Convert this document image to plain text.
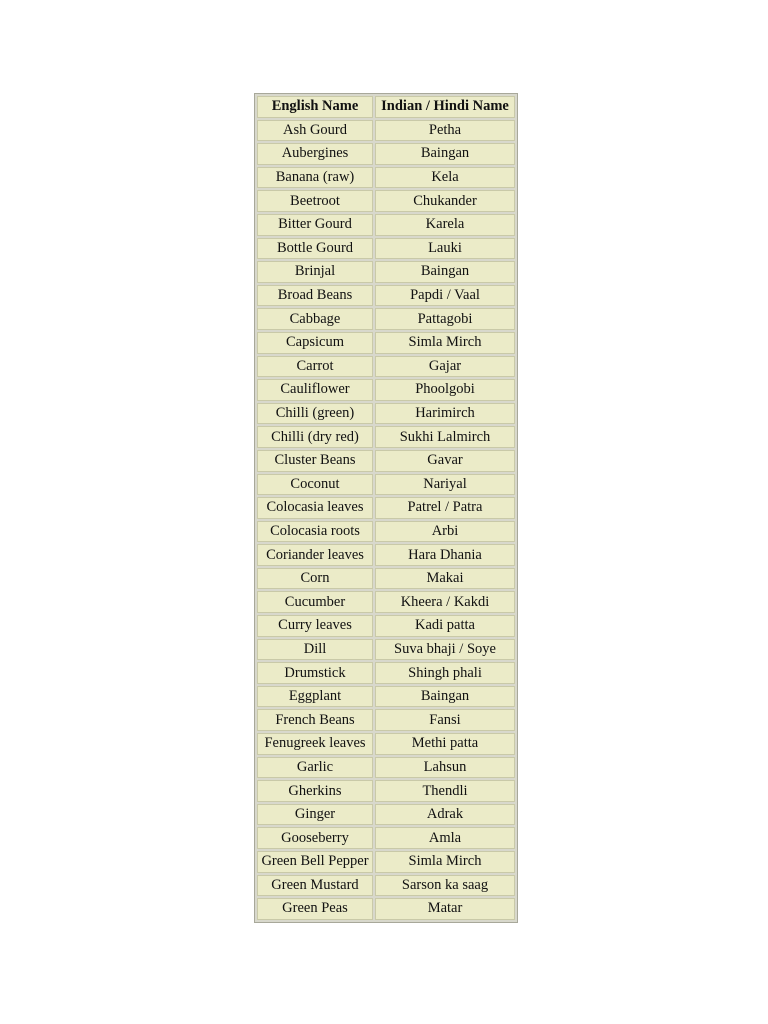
English Name	Indian / Hindi Name
Ash Gourd	Petha
Aubergines	Baingan
Banana (raw)	Kela
Beetroot	Chukander
Bitter Gourd	Karela
Bottle Gourd	Lauki
Brinjal	Baingan
Broad Beans	Papdi / Vaal
Cabbage	Pattagobi
Capsicum	Simla Mirch
Carrot	Gajar
Cauliflower	Phoolgobi
Chilli (green)	Harimirch
Chilli (dry red)	Sukhi Lalmirch
Cluster Beans	Gavar
Coconut	Nariyal
Colocasia leaves	Patrel / Patra
Colocasia roots	Arbi
Coriander leaves	Hara Dhania
Corn	Makai
Cucumber	Kheera / Kakdi
Curry leaves	Kadi patta
Dill	Suva bhaji / Soye
Drumstick	Shingh phali
Eggplant	Baingan
French Beans	Fansi
Fenugreek leaves	Methi patta
Garlic	Lahsun
Gherkins	Thendli
Ginger	Adrak
Gooseberry	Amla
Green Bell Pepper	Simla Mirch
Green Mustard	Sarson ka saag
Green Peas	Matar
